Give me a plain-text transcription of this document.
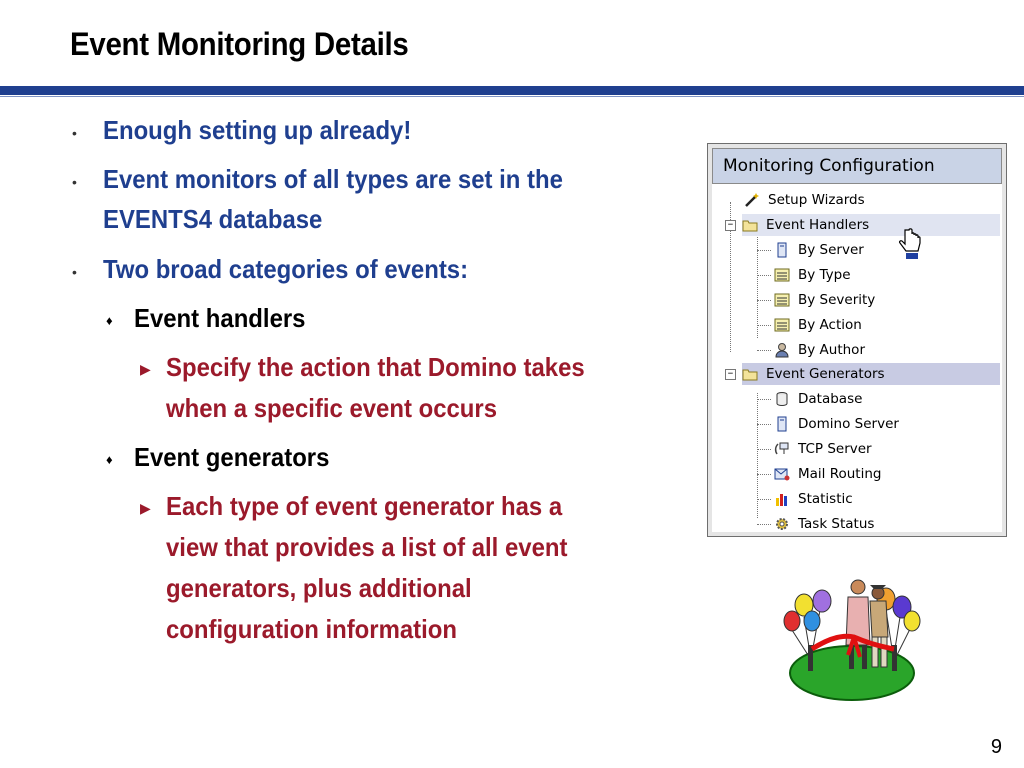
Event Monitoring Details
• Enough setting up already!
• Event monitors of all types are set in the
EVENTS4 database
• Two broad categories of events:
♦ Event handlers
▶ Specify the action that Domino takes
when a specific event occurs
♦ Event generators
▶ Each type of event generator has a
view that provides a list of all event
generators, plus additional
configuration information
Monitoring Configuration
−
−
Setup Wizards
Event Handlers
By Server
By Type
By Severity
By Action
By Author
Event Generators
Database
Domino Server
TCP Server
Mail Routing
Statistic
Task Status
9
